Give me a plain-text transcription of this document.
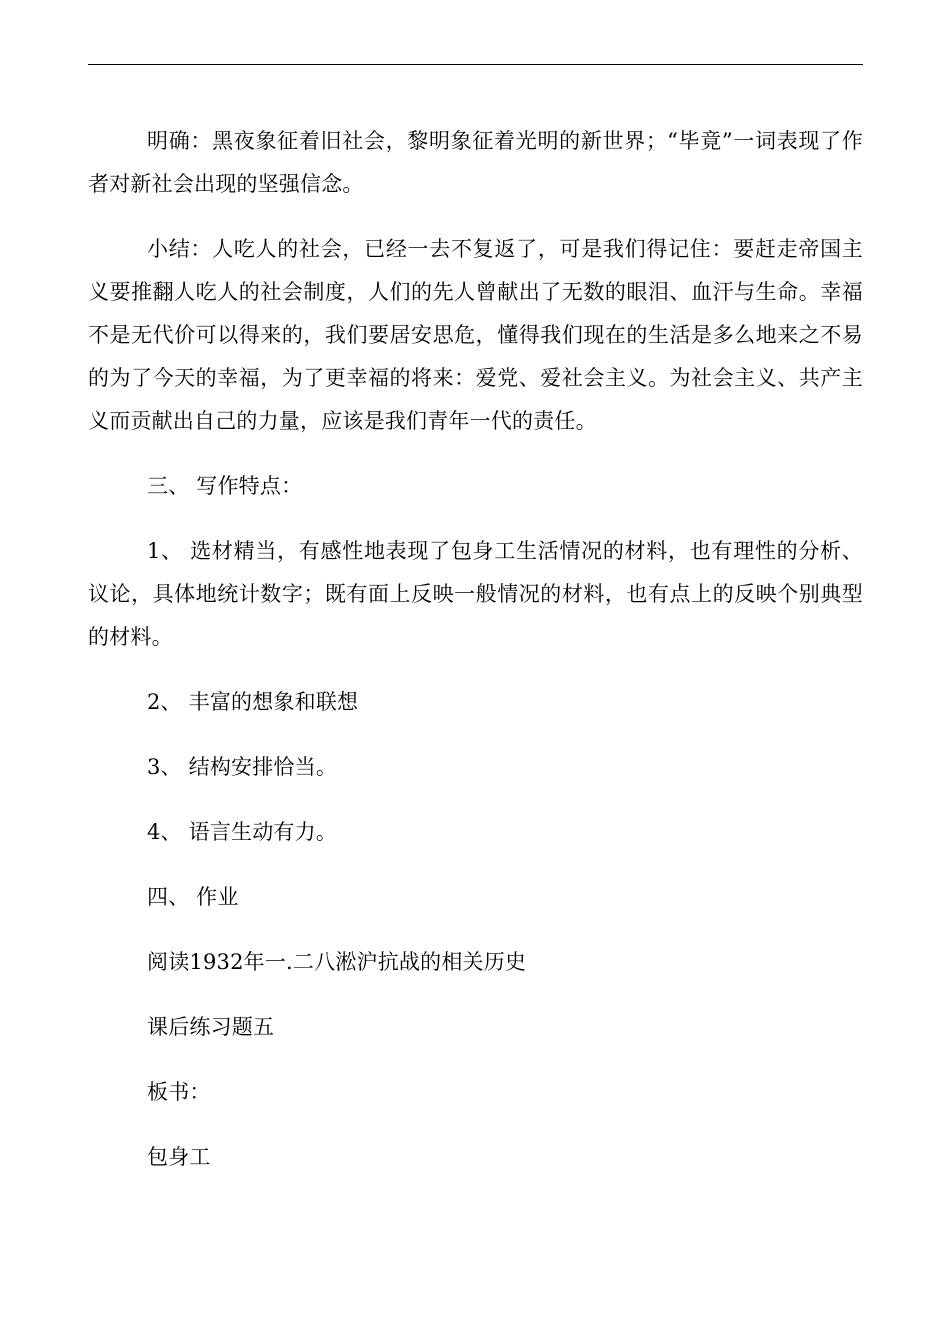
明确：黑夜象征着旧社会，黎明象征着光明的新世界；“毕竟”一词表现了作者对新社会出现的坚强信念。

小结：人吃人的社会，已经一去不复返了，可是我们得记住：要赶走帝国主义要推翻人吃人的社会制度，人们的先人曾献出了无数的眼泪、血汗与生命。幸福不是无代价可以得来的，我们要居安思危，懂得我们现在的生活是多么地来之不易的为了今天的幸福，为了更幸福的将来：爱党、爱社会主义。为社会主义、共产主义而贡献出自己的力量，应该是我们青年一代的责任。

三、 写作特点：

1、 选材精当，有感性地表现了包身工生活情况的材料，也有理性的分析、议论，具体地统计数字；既有面上反映一般情况的材料，也有点上的反映个别典型的材料。

2、 丰富的想象和联想

3、 结构安排恰当。

4、 语言生动有力。

四、 作业

阅读1932年一.二八淞沪抗战的相关历史

课后练习题五

板书：

包身工
